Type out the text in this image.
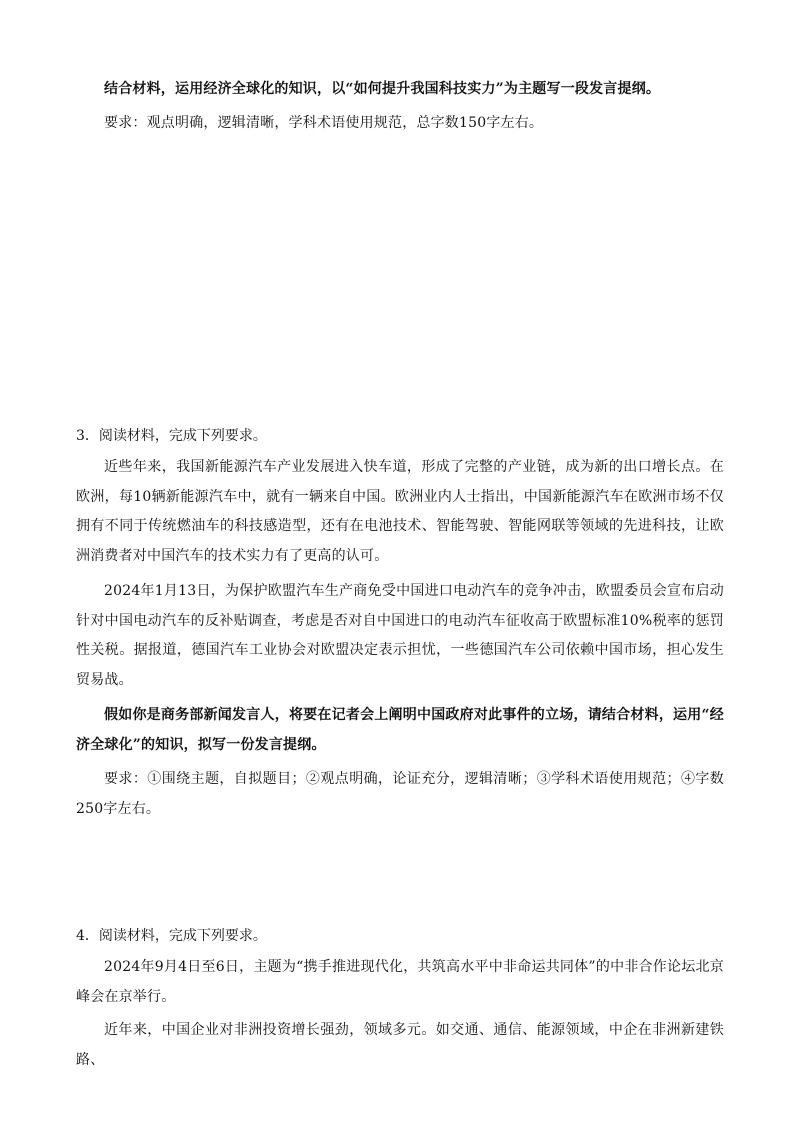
结合材料，运用经济全球化的知识，以“如何提升我国科技实力”为主题写一段发言提纲。

要求：观点明确，逻辑清晰，学科术语使用规范，总字数150字左右。

3．阅读材料，完成下列要求。

近些年来，我国新能源汽车产业发展进入快车道，形成了完整的产业链，成为新的出口增长点。在欧洲，每10辆新能源汽车中，就有一辆来自中国。欧洲业内人士指出，中国新能源汽车在欧洲市场不仅拥有不同于传统燃油车的科技感造型，还有在电池技术、智能驾驶、智能网联等领域的先进科技，让欧洲消费者对中国汽车的技术实力有了更高的认可。

2024年1月13日，为保护欧盟汽车生产商免受中国进口电动汽车的竞争冲击，欧盟委员会宣布启动针对中国电动汽车的反补贴调查，考虑是否对自中国进口的电动汽车征收高于欧盟标准10%税率的惩罚性关税。据报道，德国汽车工业协会对欧盟决定表示担忧，一些德国汽车公司依赖中国市场，担心发生贸易战。

假如你是商务部新闻发言人，将要在记者会上阐明中国政府对此事件的立场，请结合材料，运用“经济全球化”的知识，拟写一份发言提纲。

要求：①围绕主题，自拟题目；②观点明确，论证充分，逻辑清晰；③学科术语使用规范；④字数250字左右。

4．阅读材料，完成下列要求。

2024年9月4日至6日，主题为“携手推进现代化，共筑高水平中非命运共同体”的中非合作论坛北京峰会在京举行。

近年来，中国企业对非洲投资增长强劲，领域多元。如交通、通信、能源领域，中企在非洲新建铁路、
